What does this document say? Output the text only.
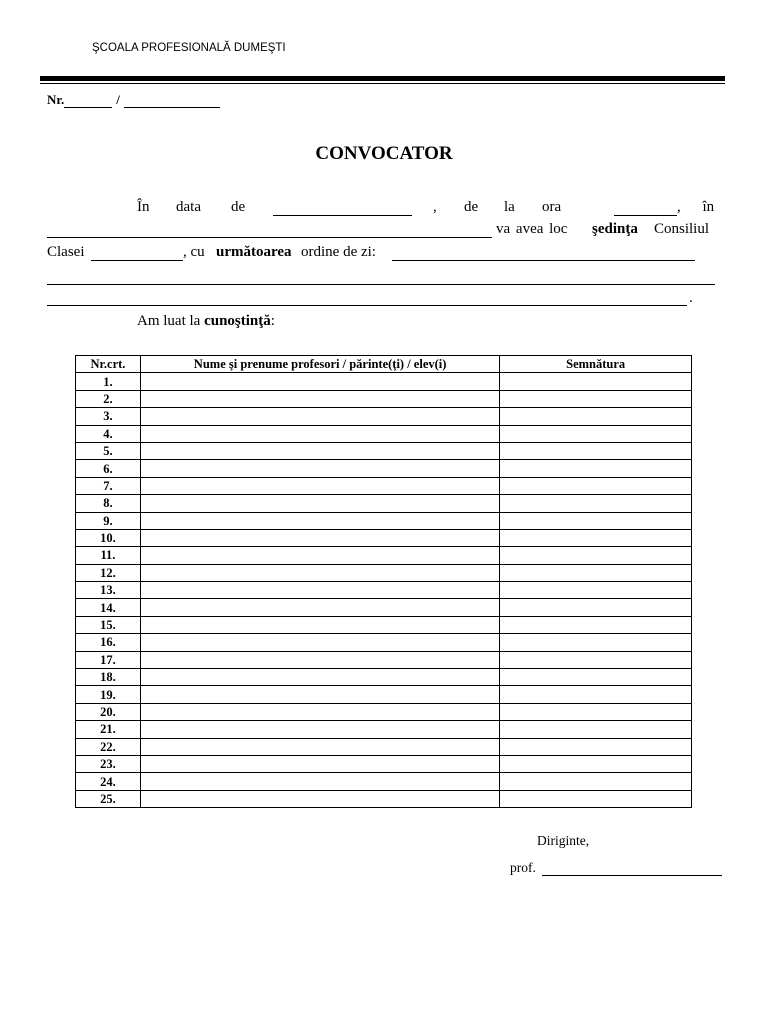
ŞCOALA PROFESIONALĂ DUMEŞTI
Nr.	/
CONVOCATOR
În data de	, de la ora	, în
va avea loc şedinţa Consiliul
Clasei	, cu următoarea ordine de zi:
.
Am luat la cunoştinţă:
Nr.crt.	Nume şi prenume profesori / părinte(ţi) / elev(i)	Semnătura
1.		
2.		
3.		
4.		
5.		
6.		
7.		
8.		
9.		
10.		
11.		
12.		
13.		
14.		
15.		
16.		
17.		
18.		
19.		
20.		
21.		
22.		
23.		
24.		
25.		
Diriginte,
prof.
